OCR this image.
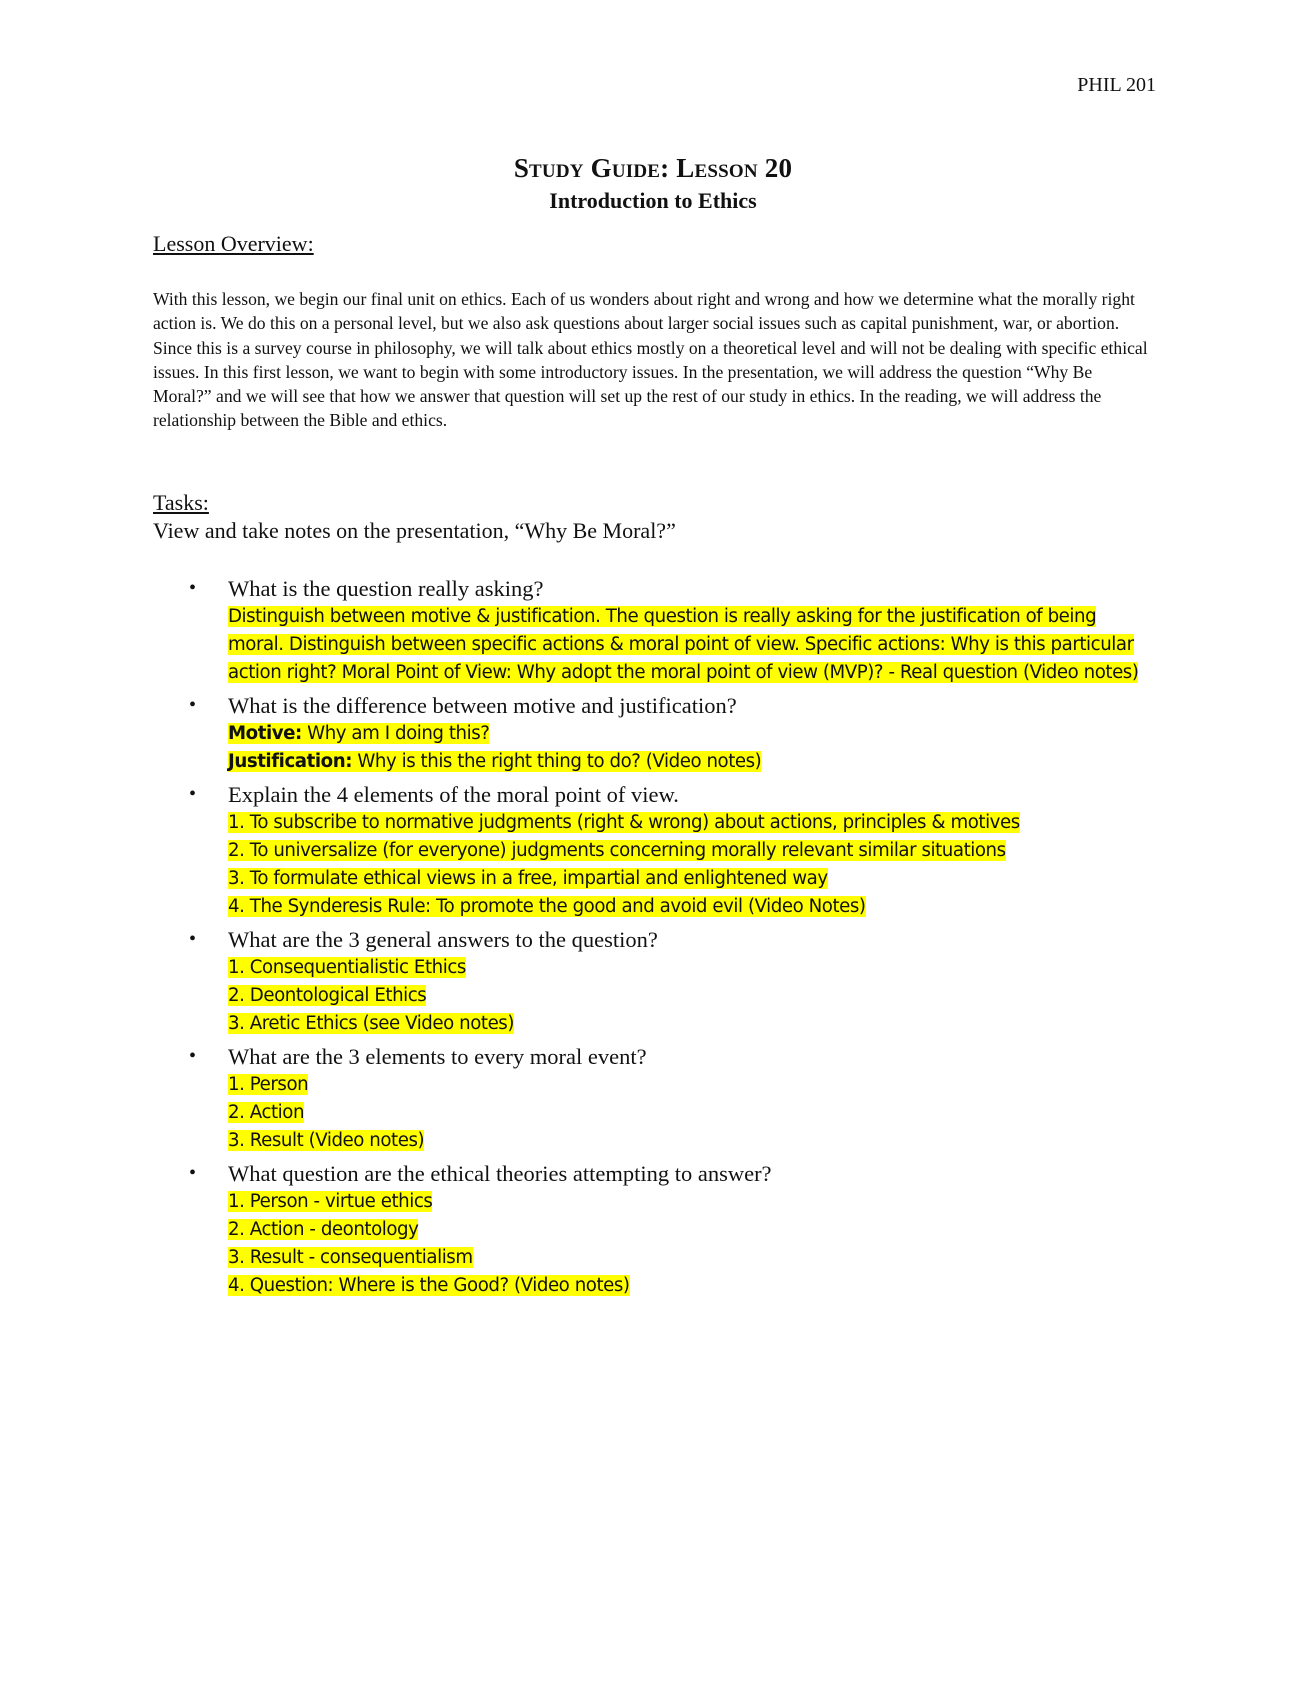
PHIL 201
Study Guide: Lesson 20
Introduction to Ethics
Lesson Overview:
With this lesson, we begin our final unit on ethics. Each of us wonders about right and wrong and how we determine what the morally right action is. We do this on a personal level, but we also ask questions about larger social issues such as capital punishment, war, or abortion. Since this is a survey course in philosophy, we will talk about ethics mostly on a theoretical level and will not be dealing with specific ethical issues. In this first lesson, we want to begin with some introductory issues. In the presentation, we will address the question “Why Be Moral?” and we will see that how we answer that question will set up the rest of our study in ethics. In the reading, we will address the relationship between the Bible and ethics.
Tasks:
View and take notes on the presentation, “Why Be Moral?”
• What is the question really asking?
Distinguish between motive & justification. The question is really asking for the justification of being moral. Distinguish between specific actions & moral point of view. Specific actions: Why is this particular action right? Moral Point of View: Why adopt the moral point of view (MVP)? - Real question (Video notes)
• What is the difference between motive and justification?
Motive: Why am I doing this?
Justification: Why is this the right thing to do? (Video notes)
• Explain the 4 elements of the moral point of view.
1. To subscribe to normative judgments (right & wrong) about actions, principles & motives
2. To universalize (for everyone) judgments concerning morally relevant similar situations
3. To formulate ethical views in a free, impartial and enlightened way
4. The Synderesis Rule: To promote the good and avoid evil (Video Notes)
• What are the 3 general answers to the question?
1. Consequentialistic Ethics
2. Deontological Ethics
3. Aretic Ethics (see Video notes)
• What are the 3 elements to every moral event?
1. Person
2. Action
3. Result (Video notes)
• What question are the ethical theories attempting to answer?
1. Person - virtue ethics
2. Action - deontology
3. Result - consequentialism
4. Question: Where is the Good? (Video notes)
